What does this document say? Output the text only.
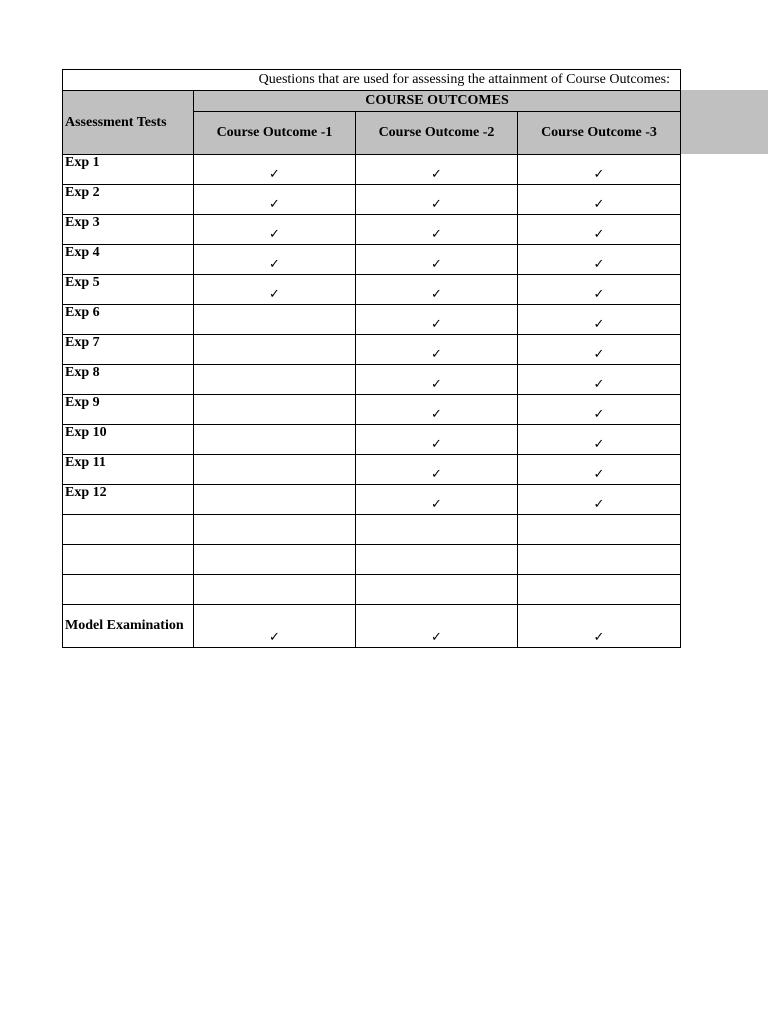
Questions that are used for assessing the attainment of Course Outcomes:			
Assessment Tests	COURSE OUTCOMES		
	Course Outcome -1	Course Outcome -2	Course Outcome -3
Exp 1	✓	✓	✓
Exp 2	✓	✓	✓
Exp 3	✓	✓	✓
Exp 4	✓	✓	✓
Exp 5	✓	✓	✓
Exp 6		✓	✓
Exp 7		✓	✓
Exp 8		✓	✓
Exp 9		✓	✓
Exp 10		✓	✓
Exp 11		✓	✓
Exp 12		✓	✓

Model Examination	✓	✓	✓
